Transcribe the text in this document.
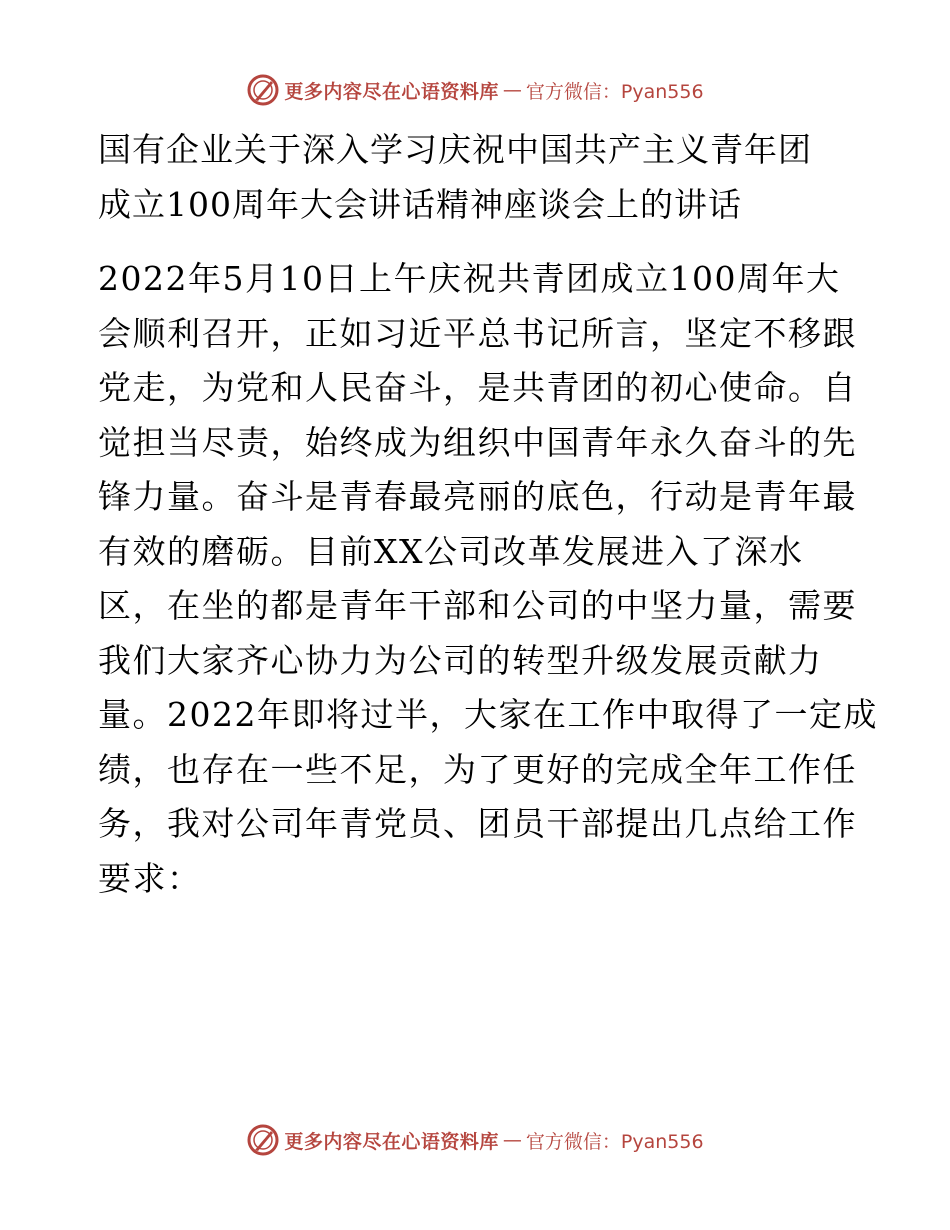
更多内容尽在心语资料库 — 官方微信：Pyan556
国有企业关于深入学习庆祝中国共产主义青年团
成立100周年大会讲话精神座谈会上的讲话
2022年5月10日上午庆祝共青团成立100周年大
会顺利召开，正如习近平总书记所言，坚定不移跟
党走，为党和人民奋斗，是共青团的初心使命。自
觉担当尽责，始终成为组织中国青年永久奋斗的先
锋力量。奋斗是青春最亮丽的底色，行动是青年最
有效的磨砺。目前XX公司改革发展进入了深水
区，在坐的都是青年干部和公司的中坚力量，需要
我们大家齐心协力为公司的转型升级发展贡献力
量。2022年即将过半，大家在工作中取得了一定成
绩，也存在一些不足，为了更好的完成全年工作任
务，我对公司年青党员、团员干部提出几点给工作
要求：
更多内容尽在心语资料库 — 官方微信：Pyan556
